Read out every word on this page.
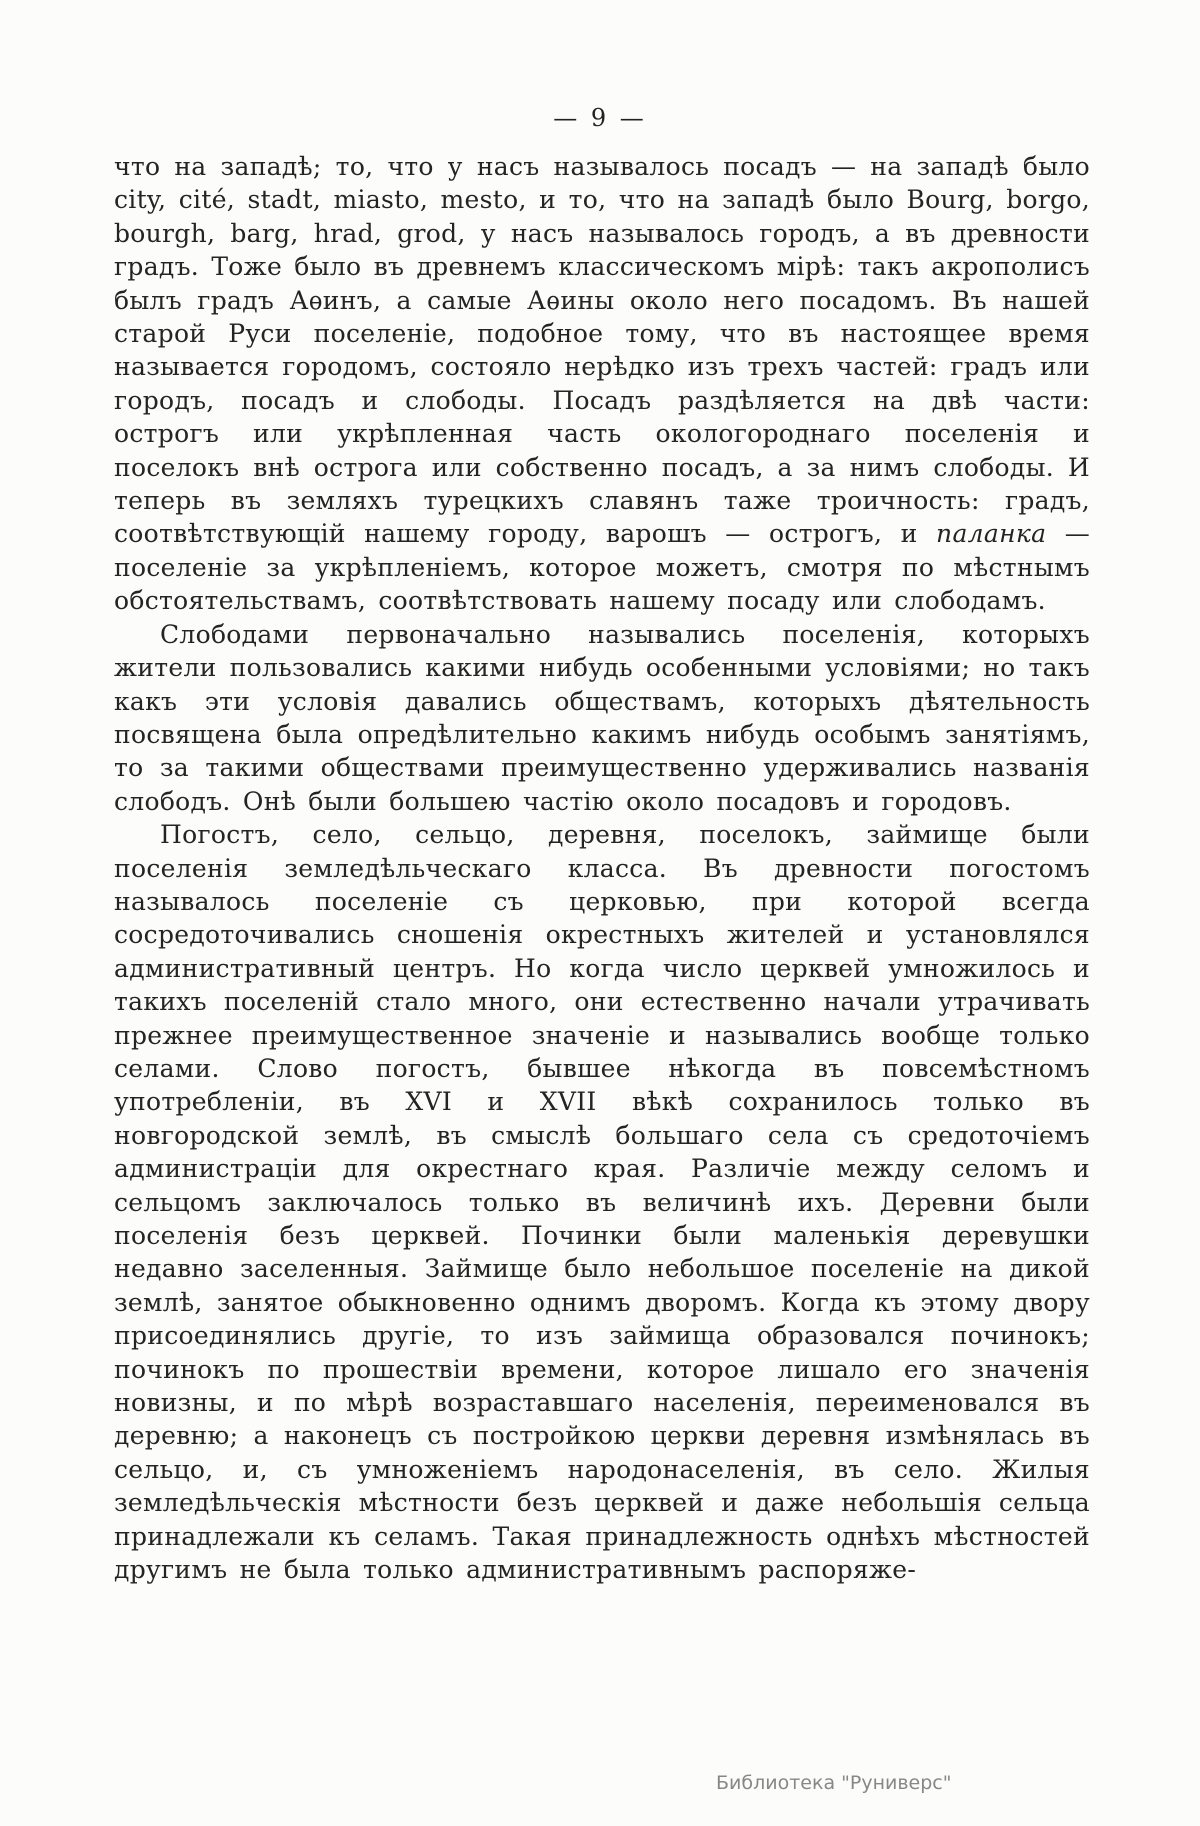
— 9 —

что на западѣ; то, что у насъ называлось посадъ — на западѣ было city, cité, stadt, miasto, mesto, и то, что на западѣ было Bourg, borgo, bourgh, barg, hrad, grod, у насъ называлось городъ, а въ древности градъ. Тоже было въ древнемъ классическомъ мірѣ: такъ акрополисъ былъ градъ Аѳинъ, а самые Аѳины около него посадомъ. Въ нашей старой Руси поселеніе, подобное тому, что въ настоящее время называется городомъ, состояло нерѣдко изъ трехъ частей: градъ или городъ, посадъ и слободы. Посадъ раздѣляется на двѣ части: острогъ или укрѣпленная часть окологороднаго поселенія и поселокъ внѣ острога или собственно посадъ, а за нимъ слободы. И теперь въ земляхъ турецкихъ славянъ таже троичность: градъ, соотвѣтствующій нашему городу, варошъ — острогъ, и паланка — поселеніе за укрѣпленіемъ, которое можетъ, смотря по мѣстнымъ обстоятельствамъ, соотвѣтствовать нашему посаду или слободамъ.

Слободами первоначально назывались поселенія, которыхъ жители пользовались какими нибудь особенными условіями; но такъ какъ эти условія давались обществамъ, которыхъ дѣятельность посвящена была опредѣлительно какимъ нибудь особымъ занятіямъ, то за такими обществами преимущественно удерживались названія слободъ. Онѣ были большею частію около посадовъ и городовъ.

Погостъ, село, сельцо, деревня, поселокъ, займище были поселенія земледѣльческаго класса. Въ древности погостомъ называлось поселеніе съ церковью, при которой всегда сосредоточивались сношенія окрестныхъ жителей и установлялся административный центръ. Но когда число церквей умножилось и такихъ поселеній стало много, они естественно начали утрачивать прежнее преимущественное значеніе и назывались вообще только селами. Слово погостъ, бывшее нѣкогда въ повсемѣстномъ употребленіи, въ XVI и XVII вѣкѣ сохранилось только въ новгородской землѣ, въ смыслѣ большаго села съ средоточіемъ администраціи для окрестнаго края. Различіе между селомъ и сельцомъ заключалось только въ величинѣ ихъ. Деревни были поселенія безъ церквей. Починки были маленькія деревушки недавно заселенныя. Займище было небольшое поселеніе на дикой землѣ, занятое обыкновенно однимъ дворомъ. Когда къ этому двору присоединялись другіе, то изъ займища образовался починокъ; починокъ по прошествіи времени, которое лишало его значенія новизны, и по мѣрѣ возраставшаго населенія, переименовался въ деревню; а наконецъ съ постройкою церкви деревня измѣнялась въ сельцо, и, съ умноженіемъ народонаселенія, въ село. Жилыя земледѣльческія мѣстности безъ церквей и даже небольшія сельца принадлежали къ селамъ. Такая принадлежность однѣхъ мѣстностей другимъ не была только административнымъ распоряже-

Библиотека "Руниверс"
